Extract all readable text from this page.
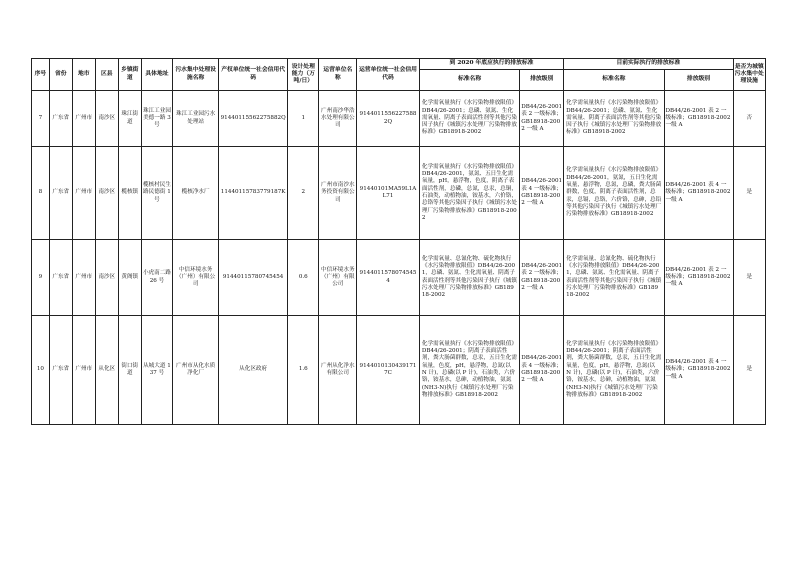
序号	省份	地市	区县	乡镇街道	具体地址	污水集中处理设施名称	产权单位统一社会信用代码	设计处理能力（万吨/日）	运营单位名称	运营单位统一社会信用代码	到 2020 年底应执行的排放标准		目前实际执行的排放标准		是否为城镇污水集中处理设施
											标准名称	排放级别	标准名称	排放级别	
7	广东省	广州市	南沙区	珠江街道	珠江工业园美德一路 3 号	珠江工业园污水处理站	91440115562275882Q	1	广州南沙华浩水处理有限公司	91440115562275882Q	化学需氧量执行《水污染物排放限值》DB44/26-2001；总磷、氨氮、生化需氧量、阴离子表面活性剂等其他污染因子执行《城镇污水处理厂污染物排放标准》GB18918-2002	DB44/26-2001 表 2 一级标准；GB18918-2002 一级 A	化学需氧量执行《水污染物排放限值》DB44/26-2001；总磷、氨氮、生化需氧量、阴离子表面活性剂等其他污染因子执行《城镇污水处理厂污染物排放标准》GB18918-2002	DB44/26-2001 表 2 一级标准；GB18918-2002 一级 A	否
8	广东省	广州市	南沙区	榄核镇	榄核村民生路民德街 1 号	榄核净水厂	11440115783779187K	2	广州市南沙水务投资有限公司	91440101MA59L1AL71	化学需氧量执行《水污染物排放限值》DB44/26-2001，氨氮、五日生化需氧量，pH，悬浮物，色度，阴离子表面活性剂，总磷，总氮，总汞，总铜，石油类，动植物油，铵基水，六价铬，总铬等其他污染因子执行《城镇污水处理厂污染物排放标准》GB18918-2002	DB44/26-2001 表 4 一级标准；GB18918-2002 一级 A	化学需氧量执行《水污染物排放限值》DB44/26-2001，氨氮，五日生化需氧量，悬浮物，总氮，总磷，粪大肠菌群数，色度，阴离子表面活性剂，总汞，总镉，总铬，六价铬，总砷，总铅等其他污染因子执行《城镇污水处理厂污染物排放标准》GB18918-2002	DB44/26-2001 表 4 一级标准；GB18918-2002 一级 A	是
9	广东省	广州市	南沙区	黄阁镇	小虎南二路 26 号	中信环境水务（广州）有限公司	91440115780745454	0.6	中信环境水务（广州）有限公司	91440115780745454	化学需氧量、总氰化物、硫化物执行《水污染物排放限值》DB44/26-2001，总磷、氨氮、生化需氧量、阴离子表面活性剂等其他污染因子执行《城镇污水处理厂污染物排放标准》GB18918-2002	DB44/26-2001 表 2 一级标准；GB18918-2002 一级 A	化学需氧量、总氰化物、硫化物执行《水污染物排放限值》DB44/26-2001，总磷、氨氮、生化需氧量、阴离子表面活性剂等其他污染因子执行《城镇污水处理厂污染物排放标准》GB18918-2002	DB44/26-2001 表 2 一级标准；GB18918-2002 一级 A	是
10	广东省	广州市	从化区	街口街道	从城大道 137 号	广州市从化水质净化厂	从化区政府	1.6	广州从化净水有限公司	91440101304391717C	化学需氧量执行《水污染物排放限值》DB44/26-2001；阴离子表面活性剂，粪大肠菌群数，总汞，五日生化需氧量，色度，pH，悬浮物，总氮(以 N 计)，总磷(以 P 计)，石油类，六价铬，铵基水，总砷，动植物油，氨氮(NH3-N)执行《城镇污水处理厂污染物排放标准》GB18918-2002	DB44/26-2001 表 4 一级标准；GB18918-2002 一级 A	化学需氧量执行《水污染物排放限值》DB44/26-2001；阴离子表面活性剂，粪大肠菌群数，总汞，五日生化需氧量，色度，pH，悬浮物，总氮(以 N 计)，总磷(以 P 计)，石油类，六价铬，铵基水，总砷，动植物油，氨氮(NH3-N)执行《城镇污水处理厂污染物排放标准》GB18918-2002	DB44/26-2001 表 4 一级标准；GB18918-2002 一级 A	是
